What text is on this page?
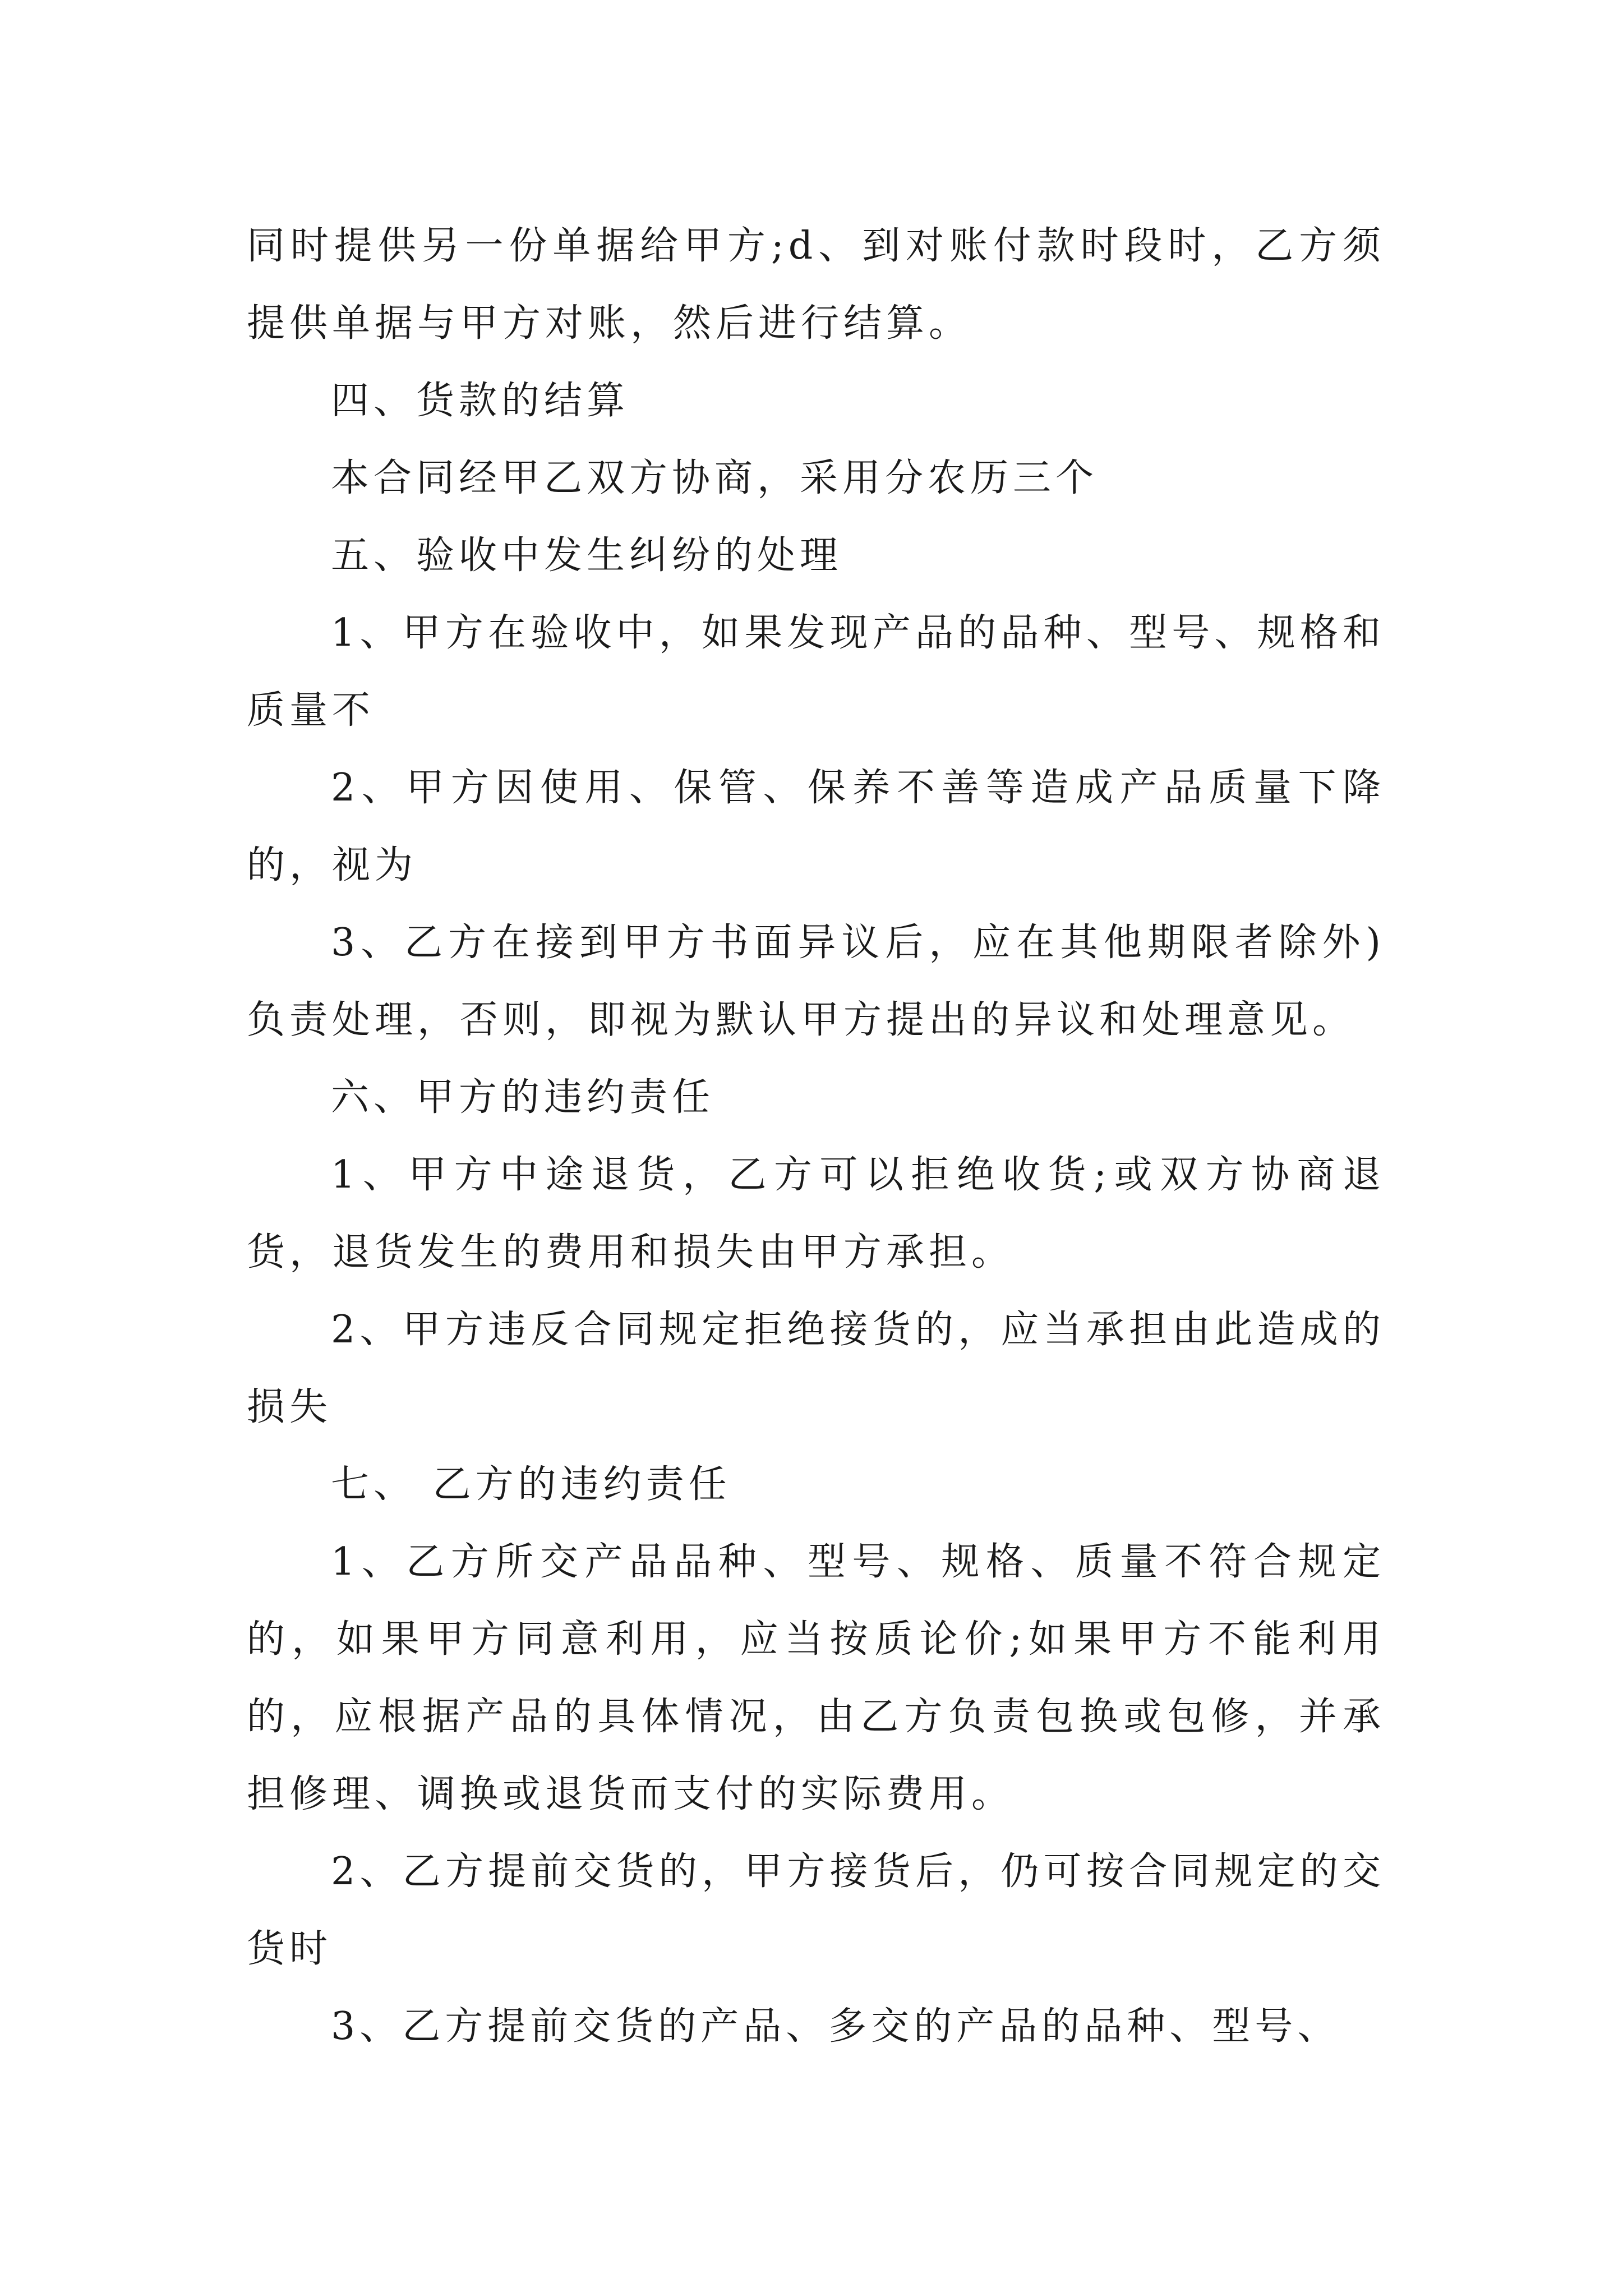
同时提供另一份单据给甲方;d、到对账付款时段时，乙方须提供单据与甲方对账，然后进行结算。

四、货款的结算

本合同经甲乙双方协商，采用分农历三个

五、验收中发生纠纷的处理

1、甲方在验收中，如果发现产品的品种、型号、规格和质量不

2、甲方因使用、保管、保养不善等造成产品质量下降的，视为

3、乙方在接到甲方书面异议后，应在其他期限者除外)负责处理，否则，即视为默认甲方提出的异议和处理意见。

六、甲方的违约责任

1、甲方中途退货，乙方可以拒绝收货;或双方协商退货，退货发生的费用和损失由甲方承担。

2、甲方违反合同规定拒绝接货的，应当承担由此造成的损失

七、 乙方的违约责任

1、乙方所交产品品种、型号、规格、质量不符合规定的，如果甲方同意利用，应当按质论价;如果甲方不能利用的，应根据产品的具体情况，由乙方负责包换或包修，并承担修理、调换或退货而支付的实际费用。

2、乙方提前交货的，甲方接货后，仍可按合同规定的交货时

3、乙方提前交货的产品、多交的产品的品种、型号、
